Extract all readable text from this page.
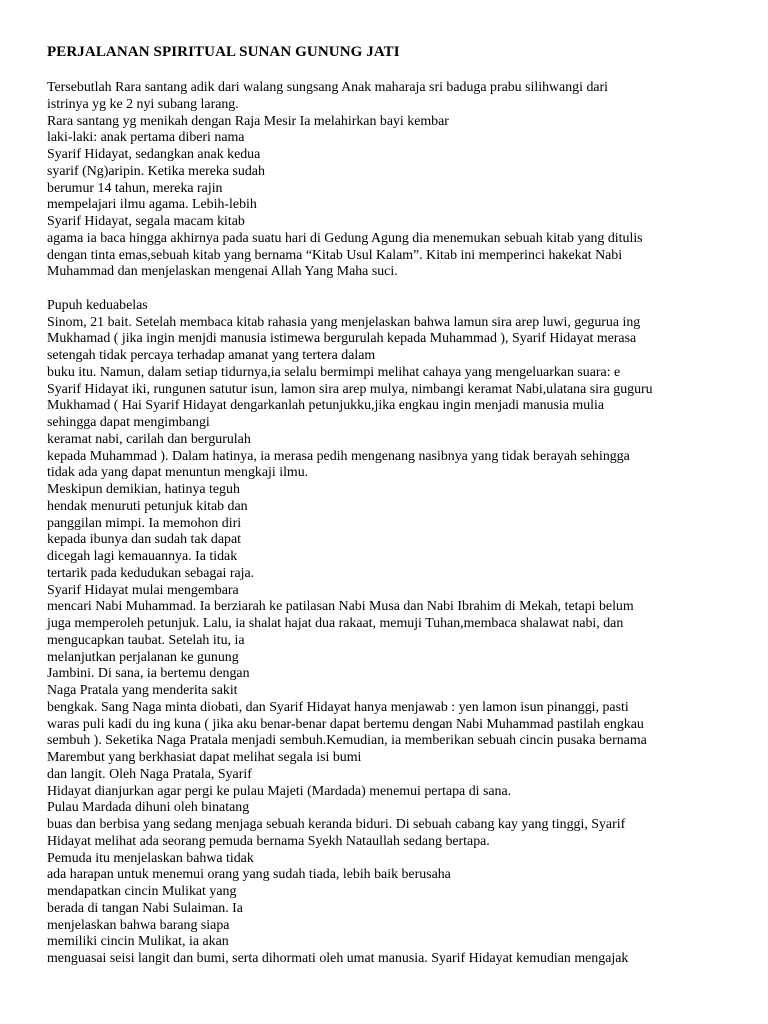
PERJALANAN SPIRITUAL SUNAN GUNUNG JATI
Tersebutlah Rara santang adik dari walang sungsang Anak maharaja sri baduga prabu silihwangi dari
istrinya yg ke 2 nyi subang larang.
Rara santang yg menikah dengan Raja Mesir Ia melahirkan bayi kembar
laki-laki: anak pertama diberi nama
Syarif Hidayat, sedangkan anak kedua
syarif (Ng)aripin. Ketika mereka sudah
berumur 14 tahun, mereka rajin
mempelajari ilmu agama. Lebih-lebih
Syarif Hidayat, segala macam kitab
agama ia baca hingga akhirnya pada suatu hari di Gedung Agung dia menemukan sebuah kitab yang ditulis
dengan tinta emas,sebuah kitab yang bernama “Kitab Usul Kalam”. Kitab ini memperinci hakekat Nabi
Muhammad dan menjelaskan mengenai Allah Yang Maha suci.
Pupuh keduabelas
Sinom, 21 bait. Setelah membaca kitab rahasia yang menjelaskan bahwa lamun sira arep luwi, gegurua ing
Mukhamad ( jika ingin menjdi manusia istimewa bergurulah kepada Muhammad ), Syarif Hidayat merasa
setengah tidak percaya terhadap amanat yang tertera dalam
buku itu. Namun, dalam setiap tidurnya,ia selalu bermimpi melihat cahaya yang mengeluarkan suara: e
Syarif Hidayat iki, rungunen satutur isun, lamon sira arep mulya, nimbangi keramat Nabi,ulatana sira guguru
Mukhamad ( Hai Syarif Hidayat dengarkanlah petunjukku,jika engkau ingin menjadi manusia mulia
sehingga dapat mengimbangi
keramat nabi, carilah dan bergurulah
kepada Muhammad ). Dalam hatinya, ia merasa pedih mengenang nasibnya yang tidak berayah sehingga
tidak ada yang dapat menuntun mengkaji ilmu.
Meskipun demikian, hatinya teguh
hendak menuruti petunjuk kitab dan
panggilan mimpi. Ia memohon diri
kepada ibunya dan sudah tak dapat
dicegah lagi kemauannya. Ia tidak
tertarik pada kedudukan sebagai raja.
Syarif Hidayat mulai mengembara
mencari Nabi Muhammad. Ia berziarah ke patilasan Nabi Musa dan Nabi Ibrahim di Mekah, tetapi belum
juga memperoleh petunjuk. Lalu, ia shalat hajat dua rakaat, memuji Tuhan,membaca shalawat nabi, dan
mengucapkan taubat. Setelah itu, ia
melanjutkan perjalanan ke gunung
Jambini. Di sana, ia bertemu dengan
Naga Pratala yang menderita sakit
bengkak. Sang Naga minta diobati, dan Syarif Hidayat hanya menjawab : yen lamon isun pinanggi, pasti
waras puli kadi du ing kuna ( jika aku benar-benar dapat bertemu dengan Nabi Muhammad pastilah engkau
sembuh ). Seketika Naga Pratala menjadi sembuh.Kemudian, ia memberikan sebuah cincin pusaka bernama
Marembut yang berkhasiat dapat melihat segala isi bumi
dan langit. Oleh Naga Pratala, Syarif
Hidayat dianjurkan agar pergi ke pulau Majeti (Mardada) menemui pertapa di sana.
Pulau Mardada dihuni oleh binatang
buas dan berbisa yang sedang menjaga sebuah keranda biduri. Di sebuah cabang kay yang tinggi, Syarif
Hidayat melihat ada seorang pemuda bernama Syekh Nataullah sedang bertapa.
Pemuda itu menjelaskan bahwa tidak
ada harapan untuk menemui orang yang sudah tiada, lebih baik berusaha
mendapatkan cincin Mulikat yang
berada di tangan Nabi Sulaiman. Ia
menjelaskan bahwa barang siapa
memiliki cincin Mulikat, ia akan
menguasai seisi langit dan bumi, serta dihormati oleh umat manusia. Syarif Hidayat kemudian mengajak
